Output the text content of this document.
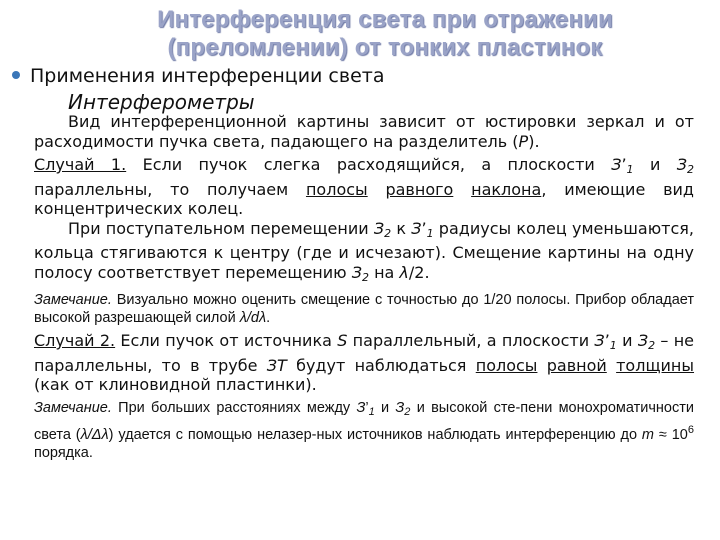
Интерференция света при отражении
(преломлении) от тонких пластинок
Применения интерференции света
Интерферометры

Вид интерференционной картины зависит от юстировки зеркал и от расходимости пучка света, падающего на разделитель (P).

Случай 1. Если пучок слегка расходящийся, а плоскости $З’_1$ и $З_2$ параллельны, то получаем полосы равного наклона, имеющие вид концентрических колец.

При поступательном перемещении $З_2$ к $З’_1$ радиусы колец уменьшаются, кольца стягиваются к центру (где и исчезают). Смещение картины на одну полосу соответствует перемещению $З_2$ на λ/2.

Замечание. Визуально можно оценить смещение с точностью до 1/20 полосы. Прибор обладает высокой разрешающей силой λ/dλ.

Случай 2. Если пучок от источника S параллельный, а плоскости $З’_1$ и $З_2$ – не параллельны, то в трубе ЗТ будут наблюдаться полосы равной толщины (как от клиновидной пластинки).

Замечание. При больших расстояниях между $З’_1$ и $З_2$ и высокой сте-пени монохроматичности света (λ/Δλ) удается с помощью нелазер-ных источников наблюдать интерференцию до $m \approx 10^6$ порядка.
